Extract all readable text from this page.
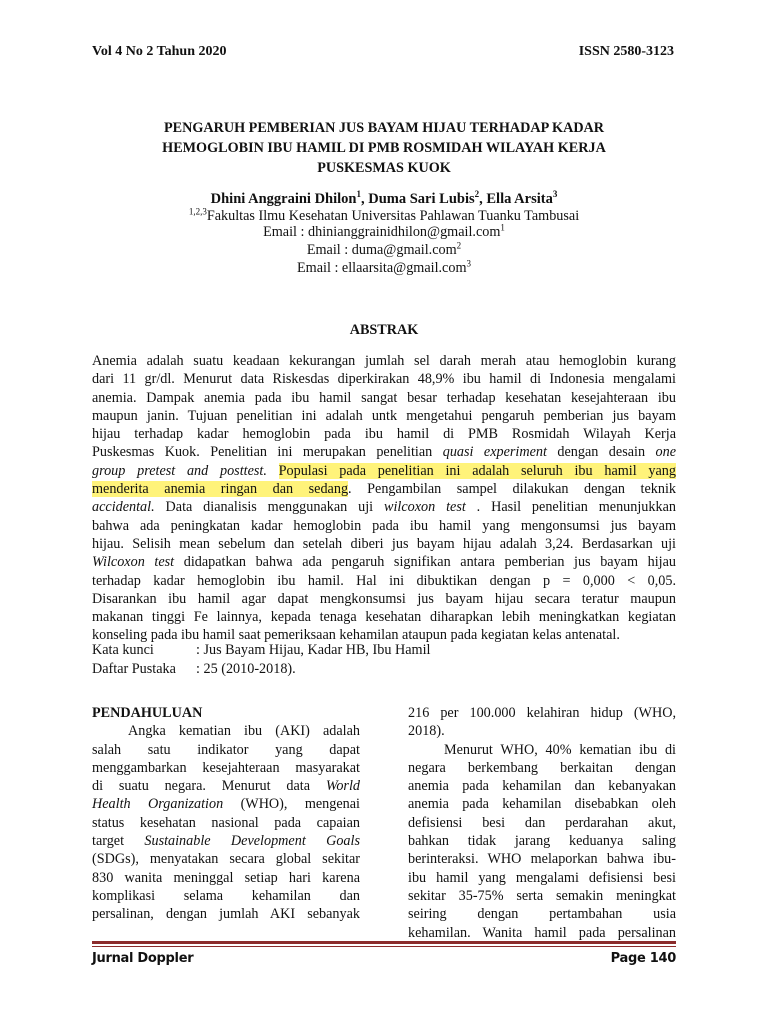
Vol 4 No 2 Tahun 2020	ISSN 2580-3123
PENGARUH PEMBERIAN JUS BAYAM HIJAU TERHADAP KADAR
HEMOGLOBIN IBU HAMIL DI PMB ROSMIDAH WILAYAH KERJA
PUSKESMAS KUOK
Dhini Anggraini Dhilon$^1$, Duma Sari Lubis$^2$, Ella Arsita$^3$
$^{1,2,3}$Fakultas Ilmu Kesehatan Universitas Pahlawan Tuanku Tambusai
Email : dhinianggrainidhilon@gmail.com$^1$
Email : duma@gmail.com$^2$
Email : ellaarsita@gmail.com$^3$
ABSTRAK
Anemia adalah suatu keadaan kekurangan jumlah sel darah merah atau hemoglobin kurang
dari 11 gr/dl. Menurut data Riskesdas diperkirakan 48,9% ibu hamil di Indonesia mengalami
anemia. Dampak anemia pada ibu hamil sangat besar terhadap kesehatan kesejahteraan ibu
maupun janin. Tujuan penelitian ini adalah untk mengetahui pengaruh pemberian jus bayam
hijau terhadap kadar hemoglobin pada ibu hamil di PMB Rosmidah Wilayah Kerja
Puskesmas Kuok. Penelitian ini merupakan penelitian quasi experiment dengan desain one
group pretest and posttest. Populasi pada penelitian ini adalah seluruh ibu hamil yang
menderita anemia ringan dan sedang. Pengambilan sampel dilakukan dengan teknik
accidental. Data dianalisis menggunakan uji wilcoxon test . Hasil penelitian menunjukkan
bahwa ada peningkatan kadar hemoglobin pada ibu hamil yang mengonsumsi jus bayam
hijau. Selisih mean sebelum dan setelah diberi jus bayam hijau adalah 3,24. Berdasarkan uji
Wilcoxon test didapatkan bahwa ada pengaruh signifikan antara pemberian jus bayam hijau
terhadap kadar hemoglobin ibu hamil. Hal ini dibuktikan dengan p = 0,000 < 0,05.
Disarankan ibu hamil agar dapat mengkonsumsi jus bayam hijau secara teratur maupun
makanan tinggi Fe lainnya, kepada tenaga kesehatan diharapkan lebih meningkatkan kegiatan
konseling pada ibu hamil saat pemeriksaan kehamilan ataupun pada kegiatan kelas antenatal.
Kata kunci	: Jus Bayam Hijau, Kadar HB, Ibu Hamil
Daftar Pustaka	: 25 (2010-2018).
PENDAHULUAN
Angka kematian ibu (AKI) adalah
salah satu indikator yang dapat
menggambarkan kesejahteraan masyarakat
di suatu negara. Menurut data World
Health Organization (WHO), mengenai
status kesehatan nasional pada capaian
target Sustainable Development Goals
(SDGs), menyatakan secara global sekitar
830 wanita meninggal setiap hari karena
komplikasi selama kehamilan dan
persalinan, dengan jumlah AKI sebanyak
216 per 100.000 kelahiran hidup (WHO,
2018).
Menurut WHO, 40% kematian ibu di
negara berkembang berkaitan dengan
anemia pada kehamilan dan kebanyakan
anemia pada kehamilan disebabkan oleh
defisiensi besi dan perdarahan akut,
bahkan tidak jarang keduanya saling
berinteraksi. WHO melaporkan bahwa ibu-
ibu hamil yang mengalami defisiensi besi
sekitar 35-75% serta semakin meningkat
seiring dengan pertambahan usia
kehamilan. Wanita hamil pada persalinan
Jurnal Doppler	Page 140
